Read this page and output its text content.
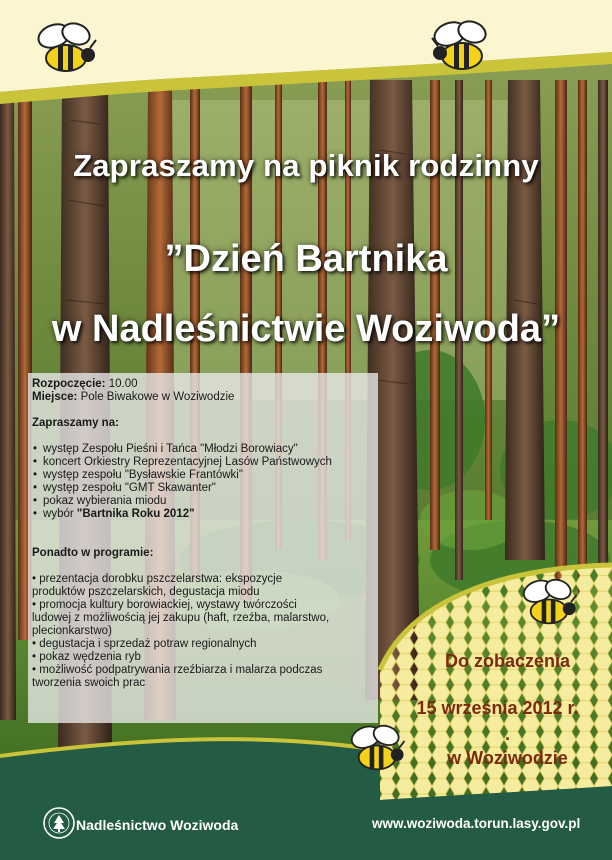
Zapraszamy na piknik rodzinny
”Dzień Bartnika
w Nadleśnictwie Woziwoda”
Rozpoczęcie: 10.00
Miejsce: Pole Biwakowe w Woziwodzie
Zapraszamy na:
• występ Zespołu Pieśni i Tańca "Młodzi Borowiacy"
• koncert Orkiestry Reprezentacyjnej Lasów Państwowych
• występ zespołu "Bysławskie Frantówki"
• występ zespołu "GMT Skawanter"
• pokaz wybierania miodu
• wybór "Bartnika Roku 2012"
Ponadto w programie:
• prezentacja dorobku pszczelarstwa: ekspozycje
produktów pszczelarskich, degustacja miodu
• promocja kultury borowiackiej, wystawy twórczości
ludowej z możliwością jej zakupu (haft, rzeźba, malarstwo,
plecionkarstwo)
• degustacja i sprzedaż potraw regionalnych
• pokaz wędzenia ryb
• możliwość podpatrywania rzeźbiarza i malarza podczas
tworzenia swoich prac
Do zobaczenia
15 września 2012 r.
.
w Woziwodzie
Nadleśnictwo Woziwoda	www.woziwoda.torun.lasy.gov.pl
